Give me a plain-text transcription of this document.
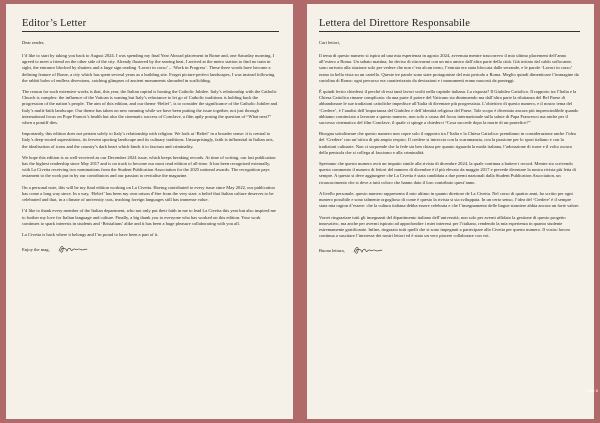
Editor’s Letter

Dear reader,

I’d like to start by taking you back to August 2024. I was spending my final Year Abroad placement in Rome and, one Saturday morning, I agreed to meet a friend on the other side of the city. Already flustered by the searing heat, I arrived at the metro station to find no train in sight, the entrance blocked by shutters and a large sign reading ‘Lavori in corso’ – ‘Work in Progress’. These three words have become a defining feature of Rome, a city which has spent several years as a building site. Forget picture-perfect landscapes, I was instead following the rabbit holes of endless diversions, catching glimpses of ancient monuments shrouded in scaffolding.

The reason for such extensive works is that, this year, the Italian capital is hosting the Catholic Jubilee. Italy’s relationship with the Catholic Church is complex: the influence of the Vatican is waning but Italy’s reluctance to let go of Catholic traditions is holding back the progression of the nation’s people. The aim of this edition, and our theme ‘Belief’, is to consider the significance of the Catholic Jubilee and Italy’s multi-faith landscape. Our theme has taken on new meaning while we have been putting the issue together, not just through international focus on Pope Francis’s health but also the cinematic success of Conclave, a film aptly posing the question of “What next?” when a pontiff dies.

Importantly, this edition does not pertain solely to Italy’s relationship with religion. We look at ‘Belief’ in a broader sense: it is central to Italy’s deep-rooted superstitions, its fervent sporting landscape and its culinary traditions. Unsurprisingly, faith is influential in Italian arts, the idealisation of icons and the country’s dark heart which binds it to fascism and criminality.

We hope this edition is as well-received as our December 2024 issue, which keeps breaking records. At time of writing, our last publication has the highest readership since May 2017 and is on track to become our most read edition of all-time. It has been recognised externally, with La Civetta receiving two nominations from the Student Publication Association for the 2025 national awards. The recognition pays testament to the work put in by our contributors and our passion to revitalise the magazine.

On a personal note, this will be my final edition working on La Civetta. Having contributed to every issue since May 2022, our publication has come a long way since. In a way, ‘Belief’ has been my own raison d’être from the very start: a belief that Italian culture deserves to be celebrated and that, in a climate of university cuts, teaching foreign languages still has immense value.

I’d like to thank every member of the Italian department, who not only put their faith in me to lead La Civetta this year but also inspired me to further my love for Italian language and culture. Finally, a big thank you to everyone who has worked on this edition. Your work continues to spark interests in students and ‘Bristalians’ alike and it has been a huge pleasure collaborating with you all.

La Civetta is back where it belongs and I’m proud to have been a part of it.

Enjoy the mag,
Lettera del Direttore Responsabile

Cari lettori,

Il tema di questo numero si ispira ad una mia esperienza in agosto 2024, avvenuta mentre trascorrevo il mio ultimo placement dell’anno all’estero a Roma. Un sabato mattina, ho deciso di ritrovarmi con un mio amico dall’altra parte della città. Già irritato dal caldo soffocante, sono arrivato alla stazione solo per vedere che non c’era alcun treno, l’entrata era stata bloccata dalle serrande, e le parole ‘Lavori in corso’ erano in bella vista su un cartello. Queste tre parole sono state protagoniste del mio periodo a Roma. Meglio quindi dimenticare l’immagine da cartolina di Roma: ogni percorso era caratterizzato da deviazioni e i monumenti erano nascosti da ponteggi.

È quindi lecito chiedersi il perché di essi tanti lavori svolti nella capitale italiana. La risposta? Il Giubileo Cattolico. Il rapporto tra l’Italia e la Chiesa Cattolica rimane complicato: da una parte il potere del Vaticano sta diminuendo ma dall’altra parte la riluttanza del Bel Paese di abbandonare le sue tradizioni cattoliche impedisce all’Italia di diventare più progressista. L’obiettivo di questo numero, e il nostro tema del ‘Credere’, è l’analisi dell’importanza del Giubileo e dell’identità religiosa del Paese. Tale scopo è diventato ancora più imprescindibile quando abbiamo cominciato a lavorare a questo numero, non solo a causa del focus internazionale sulla salute di Papa Francesco ma anche per il successo cinematico del film Conclave, il quale ci spinge a chiederci “Cosa succede dopo la morte di un pontefice?”

Bisogna sottolineare che questo numero non copre solo il rapporto tra l’Italia e la Chiesa Cattolica: prendiamo in considerazione anche l’idea del ‘Credere’ con un’ottica di più ampio respiro. Il credere si intreccia con la scaramanzia, con la passione per lo sport italiano e con la tradizioni culinarie. Non ci sorprende che la fede sia ben chiara per quanto riguarda la moda italiana, l’adorazione di icone e il volto oscuro della penisola che si collega al fascismo e alla criminalità.

Speriamo che questo numero avrà un impatto simile alla rivista di dicembre 2024, la quale continua a battere i record. Mentre sto scrivendo questo commento il numero di lettori del numero di dicembre è il più elevato da maggio 2017 e prevede diventare la nostra rivista più letta di sempre. A questo si deve aggiungere che La Civetta è stata candidata a due premi nazionali dalla Student Publication Association, un riconoscimento che si deve a tutti coloro che hanno dato il loro contributo quest’anno.

A livello personale, questo numero rappresenta il mio ultimo in quanto direttore de La Civetta. Nel corso di quattro anni, ho scritto per ogni numero possibile e sono talmente orgoglioso di come è questo la rivista si sia sviluppata. In un certo senso, l’idea del ‘Credere’ è il sempre stata mia ragion d’essere: che la cultura italiana debba essere celebrata e che l’insegnamento delle lingue straniere abbia ancora un forte valore.

Vorrei ringraziare tutti gli insegnanti del dipartimento italiano dell’università, non solo per averni affidato la gestione di questo progetto innovativo, ma anche per avermi ispirato ad approfondire i miei interessi per l’italiano, rendendo la mia esperienza in quanto studente estremamente gratificante. Infine, ringrazio tutti quelli che si sono impegnati a partecipare alla Civetta per questo numero. Il vostro lavoro continua a suscitare l’interesse dei nostri lettori ed è stato un vero piacere collaborare con voi.

Buona lettura,
Page 6
